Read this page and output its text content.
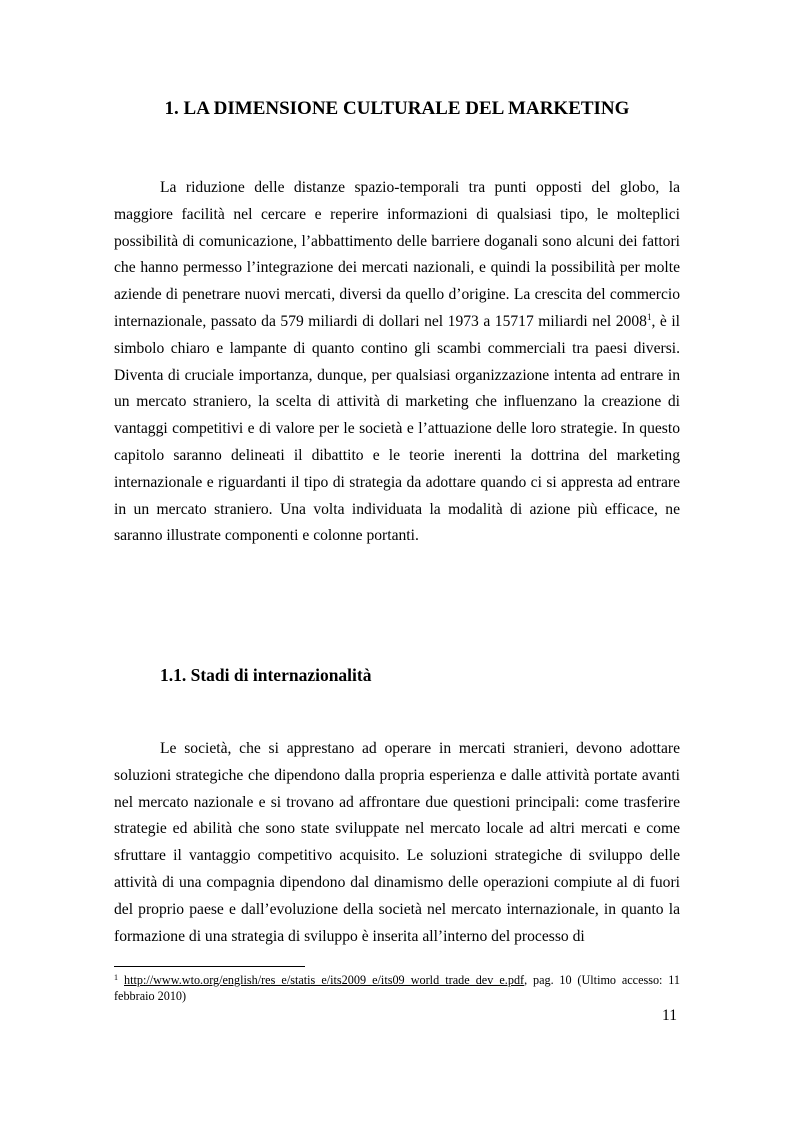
1. LA DIMENSIONE CULTURALE DEL MARKETING

La riduzione delle distanze spazio-temporali tra punti opposti del globo, la maggiore facilità nel cercare e reperire informazioni di qualsiasi tipo, le molteplici possibilità di comunicazione, l’abbattimento delle barriere doganali sono alcuni dei fattori che hanno permesso l’integrazione dei mercati nazionali, e quindi la possibilità per molte aziende di penetrare nuovi mercati, diversi da quello d’origine. La crescita del commercio internazionale, passato da 579 miliardi di dollari nel 1973 a 15717 miliardi nel 2008$^1$, è il simbolo chiaro e lampante di quanto contino gli scambi commerciali tra paesi diversi. Diventa di cruciale importanza, dunque, per qualsiasi organizzazione intenta ad entrare in un mercato straniero, la scelta di attività di marketing che influenzano la creazione di vantaggi competitivi e di valore per le società e l’attuazione delle loro strategie. In questo capitolo saranno delineati il dibattito e le teorie inerenti la dottrina del marketing internazionale e riguardanti il tipo di strategia da adottare quando ci si appresta ad entrare in un mercato straniero. Una volta individuata la modalità di azione più efficace, ne saranno illustrate componenti e colonne portanti.

1.1. Stadi di internazionalità

Le società, che si apprestano ad operare in mercati stranieri, devono adottare soluzioni strategiche che dipendono dalla propria esperienza e dalle attività portate avanti nel mercato nazionale e si trovano ad affrontare due questioni principali: come trasferire strategie ed abilità che sono state sviluppate nel mercato locale ad altri mercati e come sfruttare il vantaggio competitivo acquisito. Le soluzioni strategiche di sviluppo delle attività di una compagnia dipendono dal dinamismo delle operazioni compiute al di fuori del proprio paese e dall’evoluzione della società nel mercato internazionale, in quanto la formazione di una strategia di sviluppo è inserita all’interno del processo di

$^1$ http://www.wto.org/english/res_e/statis_e/its2009_e/its09_world_trade_dev_e.pdf, pag. 10 (Ultimo accesso: 11 febbraio 2010)

11
